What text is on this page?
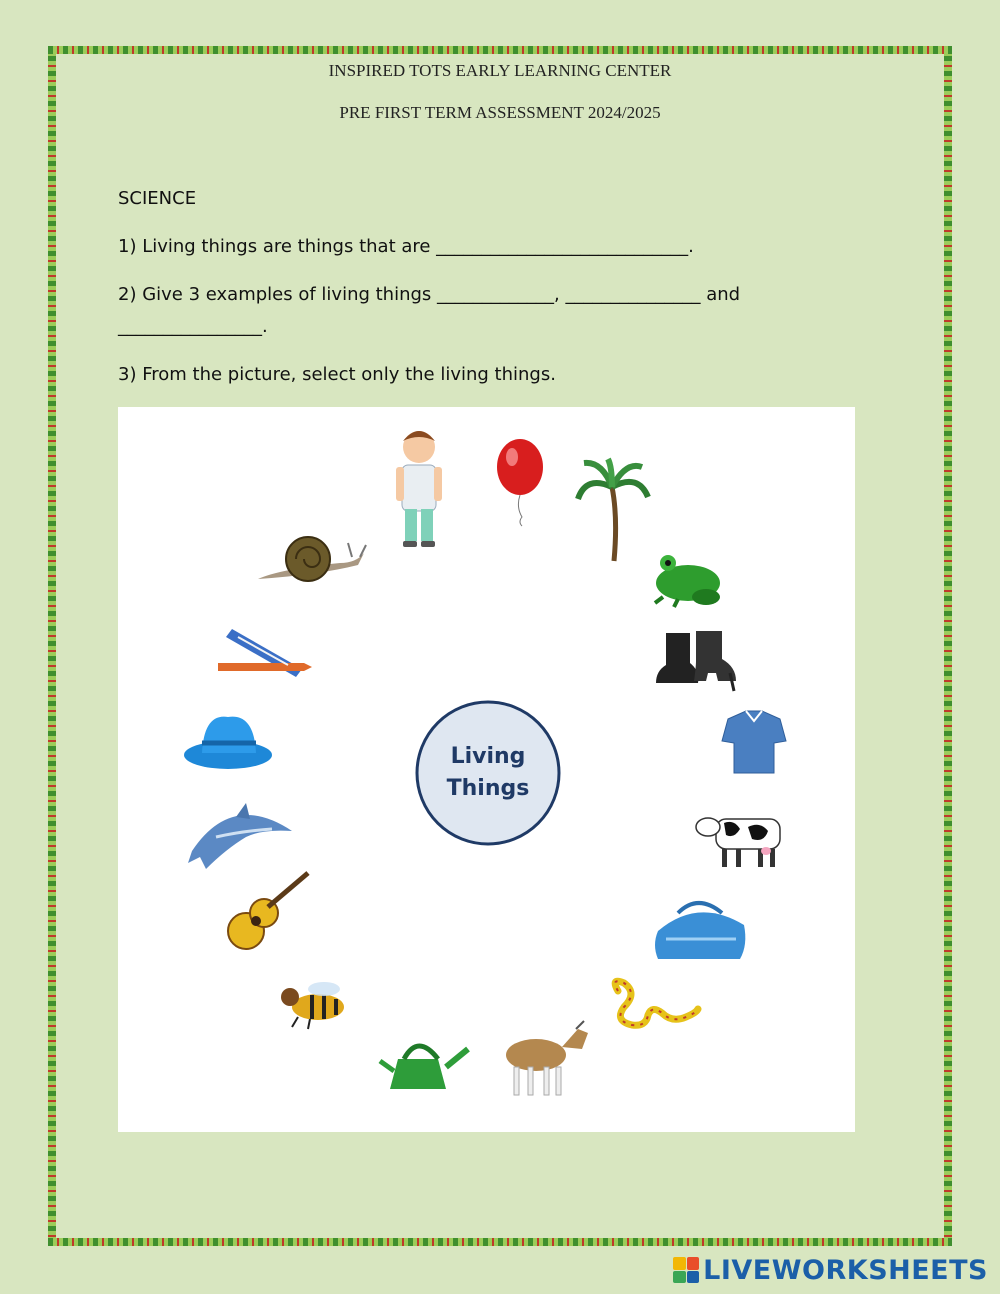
INSPIRED TOTS EARLY LEARNING CENTER
PRE FIRST TERM ASSESSMENT 2024/2025
SCIENCE
1) Living things are things that are ____________________________.
2) Give 3 examples of living things _____________, _______________ and
________________.
3) From the picture, select only the living things.
Living
Things
LIVEWORKSHEETS
